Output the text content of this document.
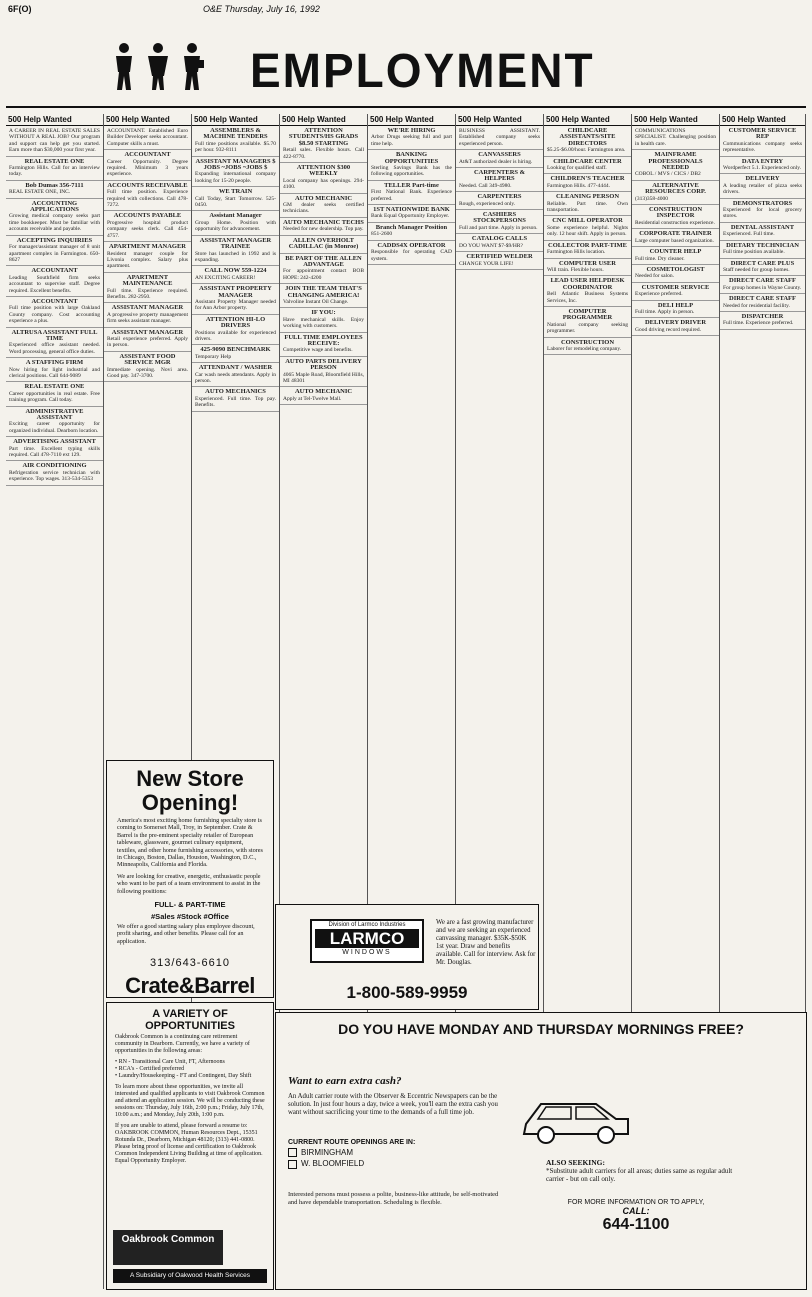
6F(O)	O&E Thursday, July 16, 1992
EMPLOYMENT
500 Help Wanted
A CAREER IN REAL ESTATE SALES WITHOUT A REAL JOB? Our program and support can help get you started. Earn more than $30,000 your first year.
REAL ESTATE ONE
Farmington Hills. Call for an interview today.
Bob Dumas 356-7111
REAL ESTATE ONE, INC.
ACCOUNTING APPLICATIONS
Growing medical company seeks part time bookkeeper. Must be familiar with accounts receivable and payable.
ACCEPTING INQUIRIES
For manager/assistant manager of 8 unit apartment complex in Farmington. 650-8627
ACCOUNTANT
Leading Southfield firm seeks accountant to supervise staff. Degree required. Excellent benefits.
ACCOUNTANT
Full time position with large Oakland County company. Cost accounting experience a plus.
ALTRUSA ASSISTANT FULL TIME
Experienced office assistant needed. Word processing, general office duties.
A STAFFING FIRM
Now hiring for light industrial and clerical positions. Call 644-9089
REAL ESTATE ONE
Career opportunities in real estate. Free training program. Call today.
ADMINISTRATIVE ASSISTANT
Exciting career opportunity for organized individual. Dearborn location.
ADVERTISING ASSISTANT
Part time. Excellent typing skills required. Call 478-7110 ext 129.
AIR CONDITIONING
Refrigeration service technician with experience. Top wages. 313-534-5353
500 Help Wanted
ACCOUNTANT. Established Euro Builder Developer seeks accountant. Computer skills a must.
ACCOUNTANT
Career Opportunity. Degree required. Minimum 3 years experience.
ACCOUNTS RECEIVABLE
Full time position. Experience required with collections. Call 478-7272.
ACCOUNTS PAYABLE
Progressive hospital product company seeks clerk. Call 454-4757.
APARTMENT MANAGER
Resident manager couple for Livonia complex. Salary plus apartment.
APARTMENT MAINTENANCE
Full time. Experience required. Benefits. 282-2950.
ASSISTANT MANAGER
A progressive property management firm seeks assistant manager.
ASSISTANT MANAGER
Retail experience preferred. Apply in person.
ASSISTANT FOOD SERVICE MGR
Immediate opening. Novi area. Good pay. 347-3700.
500 Help Wanted
ASSEMBLERS & MACHINE TENDERS
Full time positions available. $5.70 per hour. 932-8111
ASSISTANT MANAGERS $ JOBS ~JOBS ~JOBS $
Expanding international company looking for 15-20 people.
WE TRAIN
Call Today, Start Tomorrow. 525-0450.
Assistant Manager
Group Home. Position with opportunity for advancement.
ASSISTANT MANAGER TRAINEE
Store has launched in 1992 and is expanding.
CALL NOW 559-1224
AN EXCITING CAREER!
ASSISTANT PROPERTY MANAGER
Assistant Property Manager needed for Ann Arbor property.
ATTENTION HI-LO DRIVERS
Positions available for experienced drivers.
425-9090 BENCHMARK
Temporary Help
ATTENDANT / WASHER
Car wash needs attendants. Apply in person.
AUTO MECHANICS
Experienced. Full time. Top pay. Benefits.
500 Help Wanted
ATTENTION STUDENTS/HS GRADS $8.50 STARTING
Retail sales. Flexible hours. Call 422-8770.
ATTENTION $300 WEEKLY
Local company has openings. 294-4100.
AUTO MECHANIC
GM dealer seeks certified technicians.
AUTO MECHANIC TECHS
Needed for new dealership. Top pay.
ALLEN OVERHOLT CADILLAC (in Monroe)
BE PART OF THE ALLEN ADVANTAGE
For appointment contact BOB HOPE: 242-4200
JOIN THE TEAM THAT'S CHANGING AMERICA!
Valvoline Instant Oil Change.
IF YOU:
Have mechanical skills. Enjoy working with customers.
FULL TIME EMPLOYEES RECEIVE:
Competitive wage and benefits.
AUTO PARTS DELIVERY PERSON
4065 Maple Road, Bloomfield Hills, MI 48301
AUTO MECHANIC
Apply at Tel-Twelve Mall.
500 Help Wanted
WE'RE HIRING
Arbor Drugs seeking full and part time help.
BANKING OPPORTUNITIES
Sterling Savings Bank has the following opportunities.
TELLER Part-time
First National Bank. Experience preferred.
1ST NATIONWIDE BANK
Bank Equal Opportunity Employer.
Branch Manager Position
851-2600
CADDS4X OPERATOR
Responsible for operating CAD system.
500 Help Wanted
BUSINESS ASSISTANT. Established company seeks experienced person.
CANVASSERS
At&T authorized dealer is hiring.
CARPENTERS & HELPERS
Needed. Call 349-4980.
CARPENTERS
Rough, experienced only.
CASHIERS STOCKPERSONS
Full and part time. Apply in person.
CATALOG CALLS
DO YOU WANT $7-$9/HR?
CERTIFIED WELDER
CHANGE YOUR LIFE!
500 Help Wanted
CHILDCARE ASSISTANTS/SITE DIRECTORS
$5.25-$6.00/hour. Farmington area.
CHILDCARE CENTER
Looking for qualified staff.
CHILDREN'S TEACHER
Farmington Hills. 477-4444.
CLEANING PERSON
Reliable. Part time. Own transportation.
CNC MILL OPERATOR
Some experience helpful. Nights only. 12 hour shift. Apply in person.
COLLECTOR PART-TIME
Farmington Hills location.
COMPUTER USER
Will train. Flexible hours.
LEAD USER HELPDESK COORDINATOR
Bell Atlantic Business Systems Services, Inc.
COMPUTER PROGRAMMER
National company seeking programmer.
CONSTRUCTION
Laborer for remodeling company.
500 Help Wanted
COMMUNICATIONS SPECIALIST. Challenging position in health care.
MAINFRAME PROFESSIONALS NEEDED
COBOL / MVS / CICS / DB2
ALTERNATIVE RESOURCES CORP.
(313)358-4000
CONSTRUCTION INSPECTOR
Residential construction experience.
CORPORATE TRAINER
Large computer based organization.
COUNTER HELP
Full time. Dry cleaner.
COSMETOLOGIST
Needed for salon.
CUSTOMER SERVICE
Experience preferred.
DELI HELP
Full time. Apply in person.
DELIVERY DRIVER
Good driving record required.
500 Help Wanted
CUSTOMER SERVICE REP
Communications company seeks representative.
DATA ENTRY
Wordperfect 5.1. Experienced only.
DELIVERY
A leading retailer of pizza seeks drivers.
DEMONSTRATORS
Experienced for local grocery stores.
DENTAL ASSISTANT
Experienced. Full time.
DIETARY TECHNICIAN
Full time position available.
DIRECT CARE PLUS
Staff needed for group homes.
DIRECT CARE STAFF
For group homes in Wayne County.
DIRECT CARE STAFF
Needed for residential facility.
DISPATCHER
Full time. Experience preferred.
New Store Opening!
America's most exciting home furnishing specialty store is coming to Somerset Mall, Troy, in September. Crate & Barrel is the pre-eminent specialty retailer of European tableware, glassware, gourmet culinary equipment, textiles, and other home furnishing accessories, with stores in Chicago, Boston, Dallas, Houston, Washington, D.C., Minneapolis, California and Florida.
We are looking for creative, energetic, enthusiastic people who want to be part of a team environment to assist in the following positions:
FULL- & PART-TIME
#Sales #Stock #Office
We offer a good starting salary plus employee discount, profit sharing, and other benefits. Please call for an application.
313/643-6610
Crate&Barrel
A VARIETY OF OPPORTUNITIES
Oakbrook Common is a continuing care retirement community in Dearborn. Currently, we have a variety of opportunities in the following areas:
• RN - Transitional Care Unit, FT, Afternoons
• RCA's - Certified preferred
• Laundry/Housekeeping - FT and Contingent, Day Shift
To learn more about these opportunities, we invite all interested and qualified applicants to visit Oakbrook Common and attend an application session. We will be conducting these sessions on: Thursday, July 16th, 2:00 p.m.; Friday, July 17th, 10:00 a.m.; and Monday, July 20th, 1:00 p.m.
If you are unable to attend, please forward a resume to: OAKBROOK COMMON, Human Resources Dept., 15351 Rotunda Dr., Dearborn, Michigan 48120; (313) 441-0800. Please bring proof of license and certification to Oakbrook Common Independent Living Building at time of application. Equal Opportunity Employer.
Oakbrook Common
A Subsidiary of Oakwood Health Services
Division of Larmco Industries
LARMCO
WINDOWS
We are a fast growing manufacturer and we are seeking an experienced canvassing manager. $35K-$50K 1st year. Draw and benefits available. Call for interview. Ask for Mr. Douglas.
1-800-589-9959
DO YOU HAVE MONDAY AND THURSDAY MORNINGS FREE?
Want to earn extra cash?
An Adult carrier route with the Observer & Eccentric Newspapers can be the solution. In just four hours a day, twice a week, you'll earn the extra cash you want without sacrificing your time to the demands of a full time job.
CURRENT ROUTE OPENINGS ARE IN:
BIRMINGHAM
W. BLOOMFIELD
Interested persons must possess a polite, business-like attitude, be self-motivated and have dependable transportation. Scheduling is flexible.
ALSO SEEKING:
*Substitute adult carriers for all areas; duties same as regular adult carrier - but on call only.
FOR MORE INFORMATION OR TO APPLY,
CALL:
644-1100
